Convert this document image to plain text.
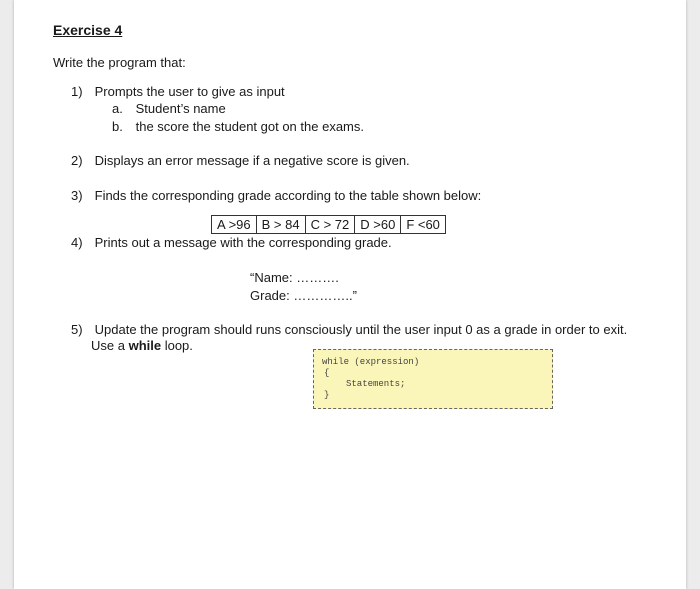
Exercise 4
Write the program that:
1) Prompts the user to give as input
a. Student’s name
b. the score the student got on the exams.
2) Displays an error message if a negative score is given.
3) Finds the corresponding grade according to the table shown below:
A >96	B > 84	C > 72	D >60	F <60
4) Prints out a message with the corresponding grade.
“Name: ……….
Grade: …………..”
5) Update the program should runs consciously until the user input 0 as a grade in order to exit.
Use a while loop.
while (expression)
{
Statements;
}
